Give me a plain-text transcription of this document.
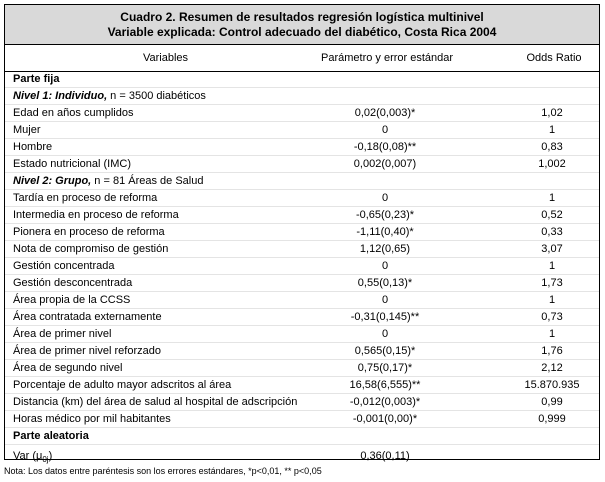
Cuadro 2. Resumen de resultados regresión logística multinivel
Variable explicada: Control adecuado del diabético, Costa Rica 2004
Variables	Parámetro y error estándar	Odds Ratio
Parte fija
Nivel 1: Individuo, n = 3500 diabéticos
Edad en años cumplidos	0,02(0,003)*	1,02
Mujer	0	1
Hombre	-0,18(0,08)**	0,83
Estado nutricional (IMC)	0,002(0,007)	1,002
Nivel 2: Grupo, n = 81 Áreas de Salud
Tardía en proceso de reforma	0	1
Intermedia en proceso de reforma	-0,65(0,23)*	0,52
Pionera en proceso de reforma	-1,11(0,40)*	0,33
Nota de compromiso de gestión	1,12(0,65)	3,07
Gestión concentrada	0	1
Gestión desconcentrada	0,55(0,13)*	1,73
Área propia de la CCSS	0	1
Área contratada externamente	-0,31(0,145)**	0,73
Área de primer nivel	0	1
Área de primer nivel reforzado	0,565(0,15)*	1,76
Área de segundo nivel	0,75(0,17)*	2,12
Porcentaje de adulto mayor adscritos al área	16,58(6,555)**	15.870.935
Distancia (km) del área de salud al hospital de adscripción	-0,012(0,003)*	0,99
Horas médico por mil habitantes	-0,001(0,00)*	0,999
Parte aleatoria
Var $(\mu_{0j})$	0,36(0,11)
Nota: Los datos entre paréntesis son los errores estándares, *p<0,01, ** p<0,05
